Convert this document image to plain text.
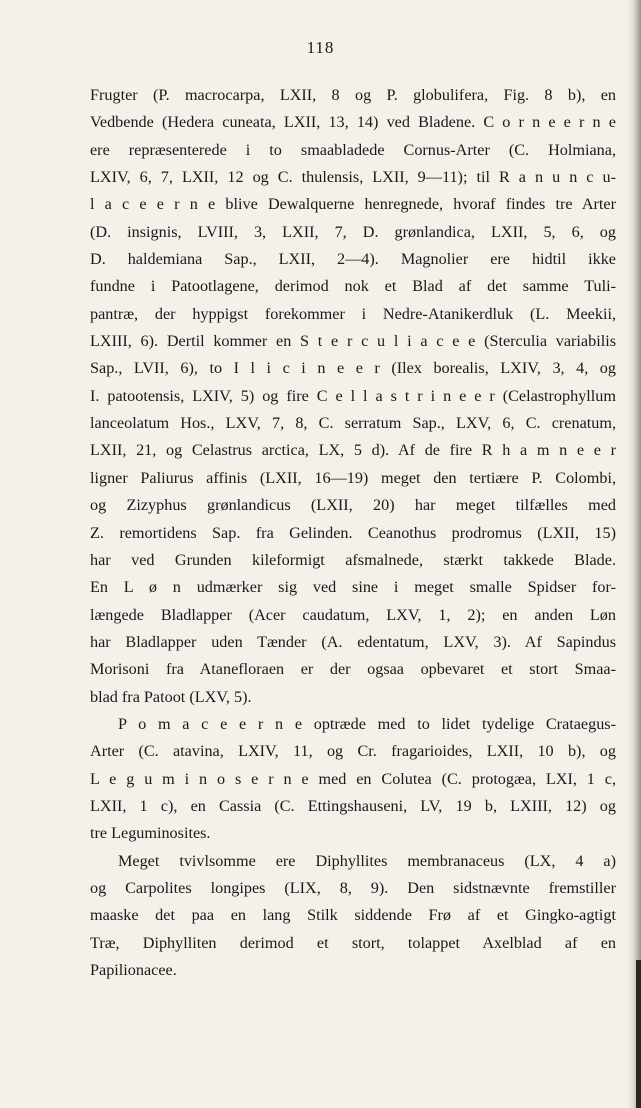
118
Frugter (P. macrocarpa, LXII, 8 og P. globulifera, Fig. 8 b), en
Vedbende (Hedera cuneata, LXII, 13, 14) ved Bladene. C o r n e e r n e
ere repræsenterede i to smaabladede Cornus-Arter (C. Holmiana,
LXIV, 6, 7, LXII, 12 og C. thulensis, LXII, 9—11); til R a n u n c u-
l a c e e r n e blive Dewalquerne henregnede, hvoraf findes tre Arter
(D. insignis, LVIII, 3, LXII, 7, D. grønlandica, LXII, 5, 6, og
D. haldemiana Sap., LXII, 2—4). Magnolier ere hidtil ikke
fundne i Patootlagene, derimod nok et Blad af det samme Tuli-
pantræ, der hyppigst forekommer i Nedre-Atanikerdluk (L. Meekii,
LXIII, 6). Dertil kommer en S t e r c u l i a c e e (Sterculia variabilis
Sap., LVII, 6), to I l i c i n e e r (Ilex borealis, LXIV, 3, 4, og
I. patootensis, LXIV, 5) og fire C e l l a s t r i n e e r (Celastrophyllum
lanceolatum Hos., LXV, 7, 8, C. serratum Sap., LXV, 6, C. crenatum,
LXII, 21, og Celastrus arctica, LX, 5 d). Af de fire R h a m n e e r
ligner Paliurus affinis (LXII, 16—19) meget den tertiære P. Colombi,
og Zizyphus grønlandicus (LXII, 20) har meget tilfælles med
Z. remortidens Sap. fra Gelinden. Ceanothus prodromus (LXII, 15)
har ved Grunden kileformigt afsmalnede, stærkt takkede Blade.
En L ø n udmærker sig ved sine i meget smalle Spidser for-
længede Bladlapper (Acer caudatum, LXV, 1, 2); en anden Løn
har Bladlapper uden Tænder (A. edentatum, LXV, 3). Af Sapindus
Morisoni fra Atanefloraen er der ogsaa opbevaret et stort Smaa-
blad fra Patoot (LXV, 5).
P o m a c e e r n e optræde med to lidet tydelige Crataegus-
Arter (C. atavina, LXIV, 11, og Cr. fragarioides, LXII, 10 b), og
L e g u m i n o s e r n e med en Colutea (C. protogæa, LXI, 1 c,
LXII, 1 c), en Cassia (C. Ettingshauseni, LV, 19 b, LXIII, 12) og
tre Leguminosites.
Meget tvivlsomme ere Diphyllites membranaceus (LX, 4 a)
og Carpolites longipes (LIX, 8, 9). Den sidstnævnte fremstiller
maaske det paa en lang Stilk siddende Frø af et Gingko-agtigt
Træ, Diphylliten derimod et stort, tolappet Axelblad af en
Papilionacee.
